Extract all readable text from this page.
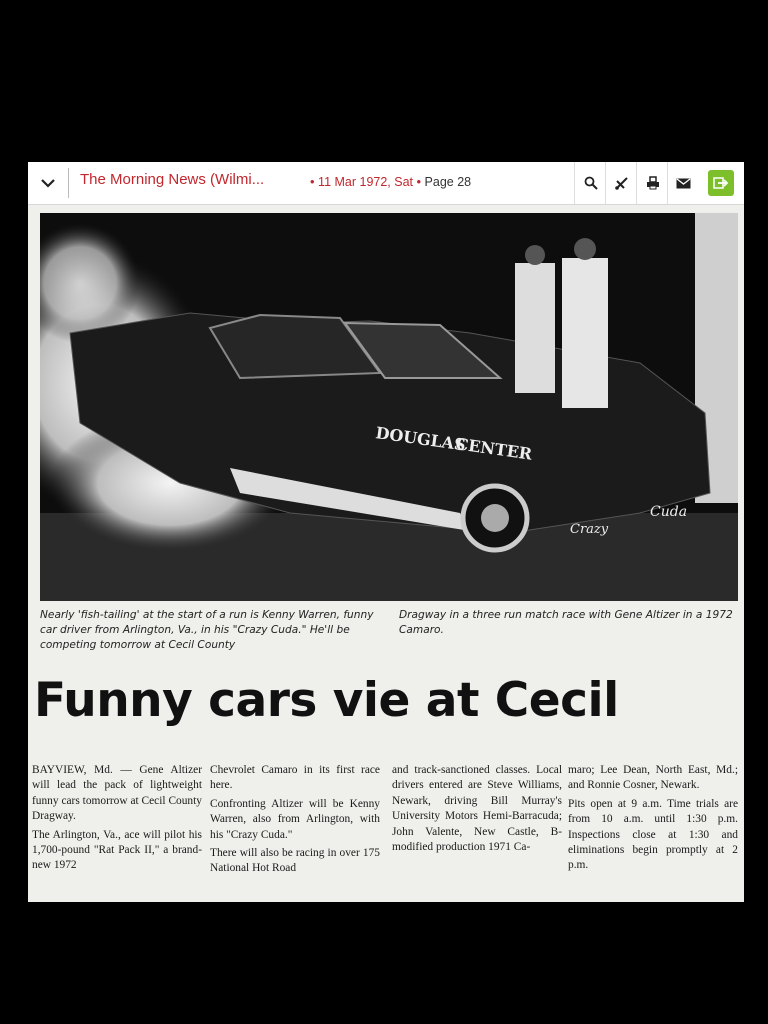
The Morning News (Wilmi...	• 11 Mar 1972, Sat • Page 28
DOUGLAS
CENTER
Crazy
Cuda
Nearly 'fish-tailing' at the start of a run is Kenny Warren, funny car driver from Arlington, Va., in his "Crazy Cuda." He'll be competing tomorrow at Cecil County
Dragway in a three run match race with Gene Altizer in a 1972 Camaro.
Funny cars vie at Cecil

BAYVIEW, Md. — Gene Altizer will lead the pack of lightweight funny cars tomorrow at Cecil County Dragway.

The Arlington, Va., ace will pilot his 1,700-pound "Rat Pack II," a brand-new 1972

Chevrolet Camaro in its first race here.

Confronting Altizer will be Kenny Warren, also from Arlington, with his "Crazy Cuda."

There will also be racing in over 175 National Hot Road

and track-sanctioned classes. Local drivers entered are Steve Williams, Newark, driving Bill Murray's University Motors Hemi-Barracuda; John Valente, New Castle, B-modified production 1971 Ca-

maro; Lee Dean, North East, Md.; and Ronnie Cosner, Newark.

Pits open at 9 a.m. Time trials are from 10 a.m. until 1:30 p.m. Inspections close at 1:30 and eliminations begin promptly at 2 p.m.
